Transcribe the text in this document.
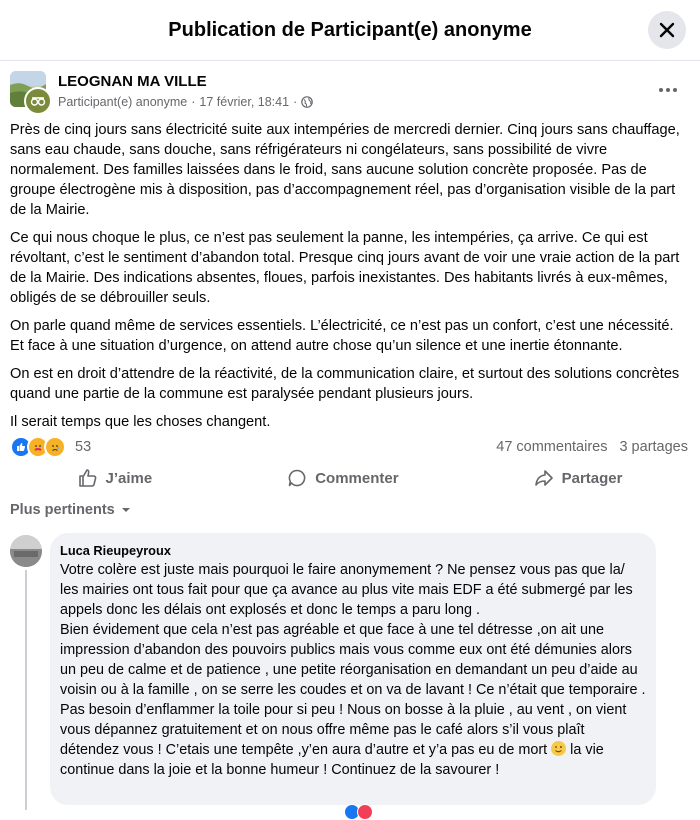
Publication de Participant(e) anonyme
LEOGNAN MA VILLE
Participant(e) anonyme · 17 février, 18:41 ·

Près de cinq jours sans électricité suite aux intempéries de mercredi dernier. Cinq jours sans chauffage, sans eau chaude, sans douche, sans réfrigérateurs ni congélateurs, sans possibilité de vivre normalement. Des familles laissées dans le froid, sans aucune solution concrète proposée. Pas de groupe électrogène mis à disposition, pas d’accompagnement réel, pas d’organisation visible de la part de la Mairie.

Ce qui nous choque le plus, ce n’est pas seulement la panne, les intempéries, ça arrive. Ce qui est révoltant, c’est le sentiment d’abandon total. Presque cinq jours avant de voir une vraie action de la part de la Mairie. Des indications absentes, floues, parfois inexistantes. Des habitants livrés à eux-mêmes, obligés de se débrouiller seuls.

On parle quand même de services essentiels. L’électricité, ce n’est pas un confort, c’est une nécessité. Et face à une situation d’urgence, on attend autre chose qu’un silence et une inertie étonnante.

On est en droit d’attendre de la réactivité, de la communication claire, et surtout des solutions concrètes quand une partie de la commune est paralysée pendant plusieurs jours.

Il serait temps que les choses changent.

53	47 commentaires 3 partages
J’aime	Commenter	Partager
Plus pertinents
Luca Rieupeyroux

Votre colère est juste mais pourquoi le faire anonymement ? Ne pensez vous pas que la/ les mairies ont tous fait pour que ça avance au plus vite mais EDF a été submergé par les appels donc les délais ont explosés et donc le temps a paru long .

Bien évidement que cela n’est pas agréable et que face à une tel détresse ,on ait une impression d’abandon des pouvoirs publics mais vous comme eux ont été démunies alors un peu de calme et de patience , une petite réorganisation en demandant un peu d’aide au voisin ou à la famille , on se serre les coudes et on va de lavant ! Ce n’était que temporaire .

Pas besoin d’enflammer la toile pour si peu ! Nous on bosse à la pluie , au vent , on vient vous dépannez gratuitement et on nous offre même pas le café alors s’il vous plaît détendez vous ! C’etais une tempête ,y’en aura d’autre et y’a pas eu de mort
la vie continue dans la joie et la bonne humeur ! Continuez de la savourer !
